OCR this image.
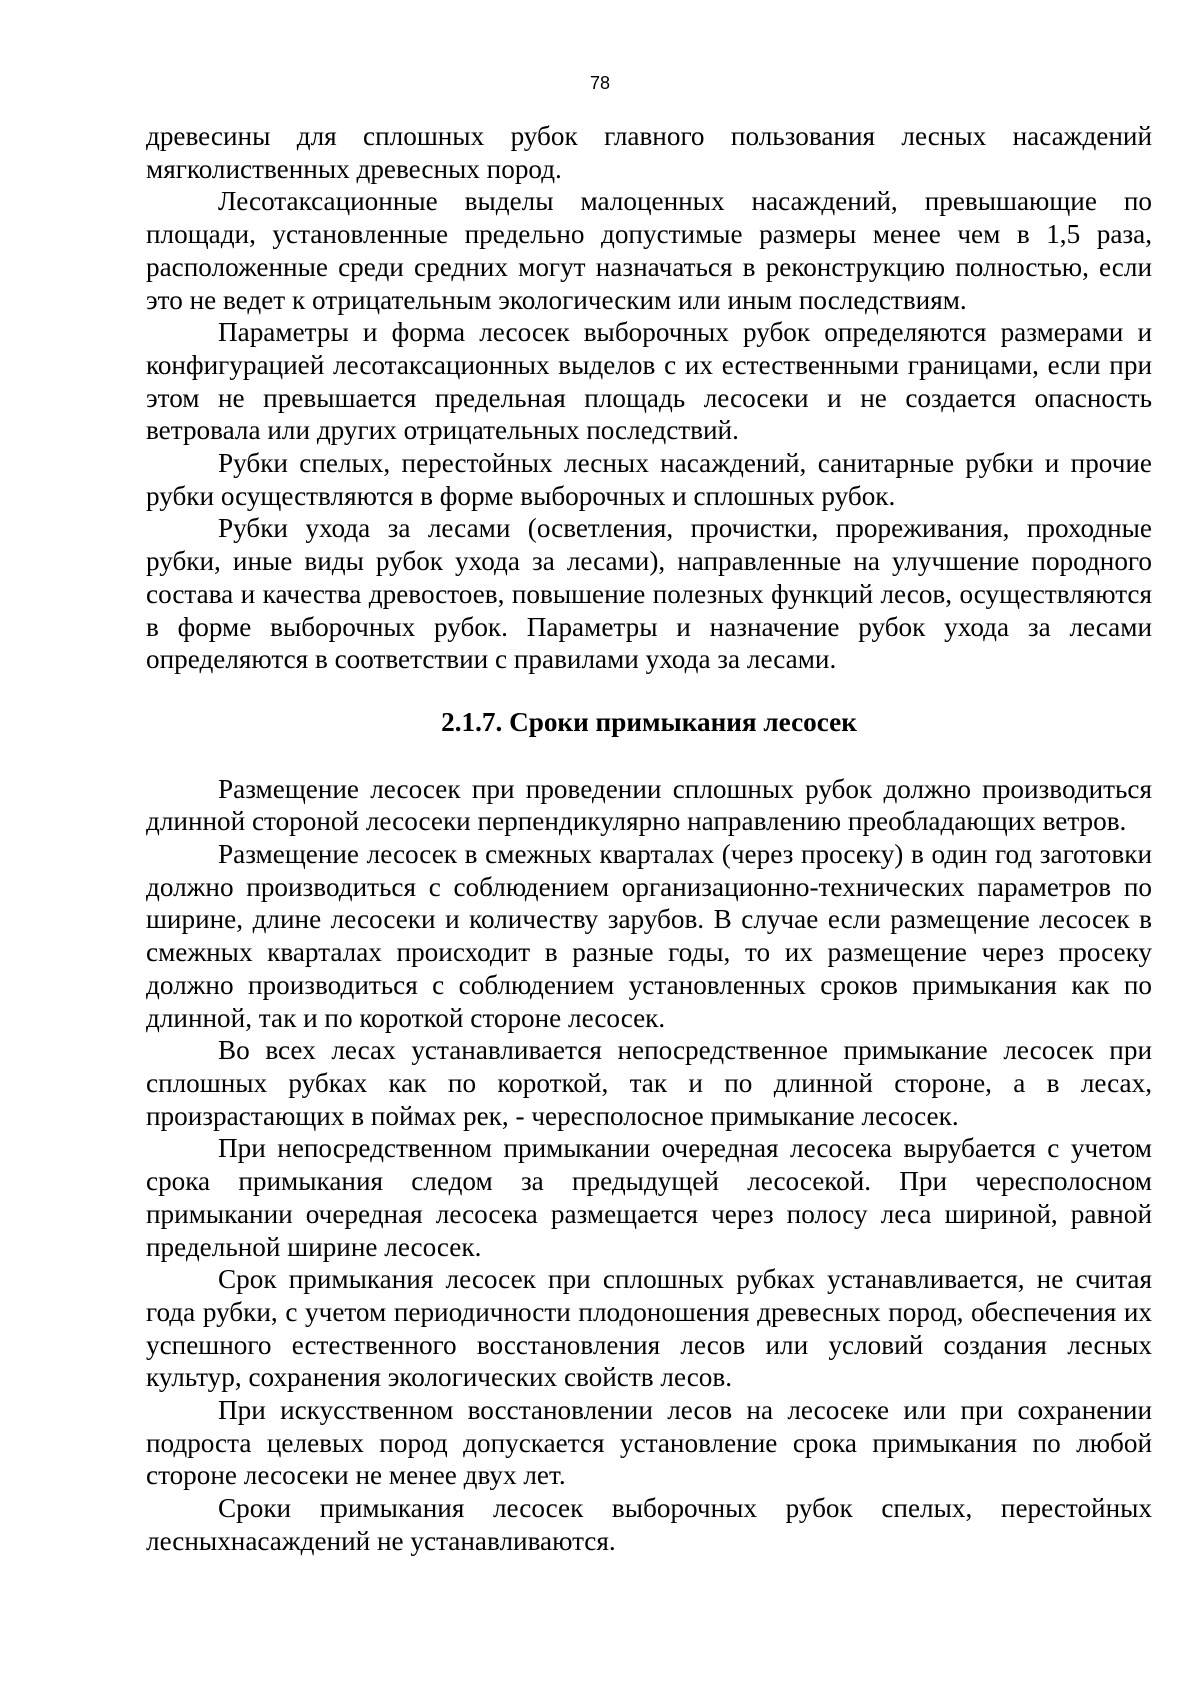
78

древесины для сплошных рубок главного пользования лесных насаждений мягколиственных древесных пород.

Лесотаксационные выделы малоценных насаждений, превышающие по площади, установленные предельно допустимые размеры менее чем в 1,5 раза, расположенные среди средних могут назначаться в реконструкцию полностью, если это не ведет к отрицательным экологическим или иным последствиям.

Параметры и форма лесосек выборочных рубок определяются размерами и конфигурацией лесотаксационных выделов с их естественными границами, если при этом не превышается предельная площадь лесосеки и не создается опасность ветровала или других отрицательных последствий.

Рубки спелых, перестойных лесных насаждений, санитарные рубки и прочие рубки осуществляются в форме выборочных и сплошных рубок.

Рубки ухода за лесами (осветления, прочистки, прореживания, проходные рубки, иные виды рубок ухода за лесами), направленные на улучшение породного состава и качества древостоев, повышение полезных функций лесов, осуществляются в форме выборочных рубок. Параметры и назначение рубок ухода за лесами определяются в соответствии с правилами ухода за лесами.

2.1.7. Сроки примыкания лесосек

Размещение лесосек при проведении сплошных рубок должно производиться длинной стороной лесосеки перпендикулярно направлению преобладающих ветров.

Размещение лесосек в смежных кварталах (через просеку) в один год заготовки должно производиться с соблюдением организационно-технических параметров по ширине, длине лесосеки и количеству зарубов. В случае если размещение лесосек в смежных кварталах происходит в разные годы, то их размещение через просеку должно производиться с соблюдением установленных сроков примыкания как по длинной, так и по короткой стороне лесосек.

Во всех лесах устанавливается непосредственное примыкание лесосек при сплошных рубках как по короткой, так и по длинной стороне, а в лесах, произрастающих в поймах рек, - чересполосное примыкание лесосек.

При непосредственном примыкании очередная лесосека вырубается с учетом срока примыкания следом за предыдущей лесосекой. При чересполосном примыкании очередная лесосека размещается через полосу леса шириной, равной предельной ширине лесосек.

Срок примыкания лесосек при сплошных рубках устанавливается, не считая года рубки, с учетом периодичности плодоношения древесных пород, обеспечения их успешного естественного восстановления лесов или условий создания лесных культур, сохранения экологических свойств лесов.

При искусственном восстановлении лесов на лесосеке или при сохранении подроста целевых пород допускается установление срока примыкания по любой стороне лесосеки не менее двух лет.

Сроки примыкания лесосек выборочных рубок спелых, перестойных лесныхнасаждений не устанавливаются.
